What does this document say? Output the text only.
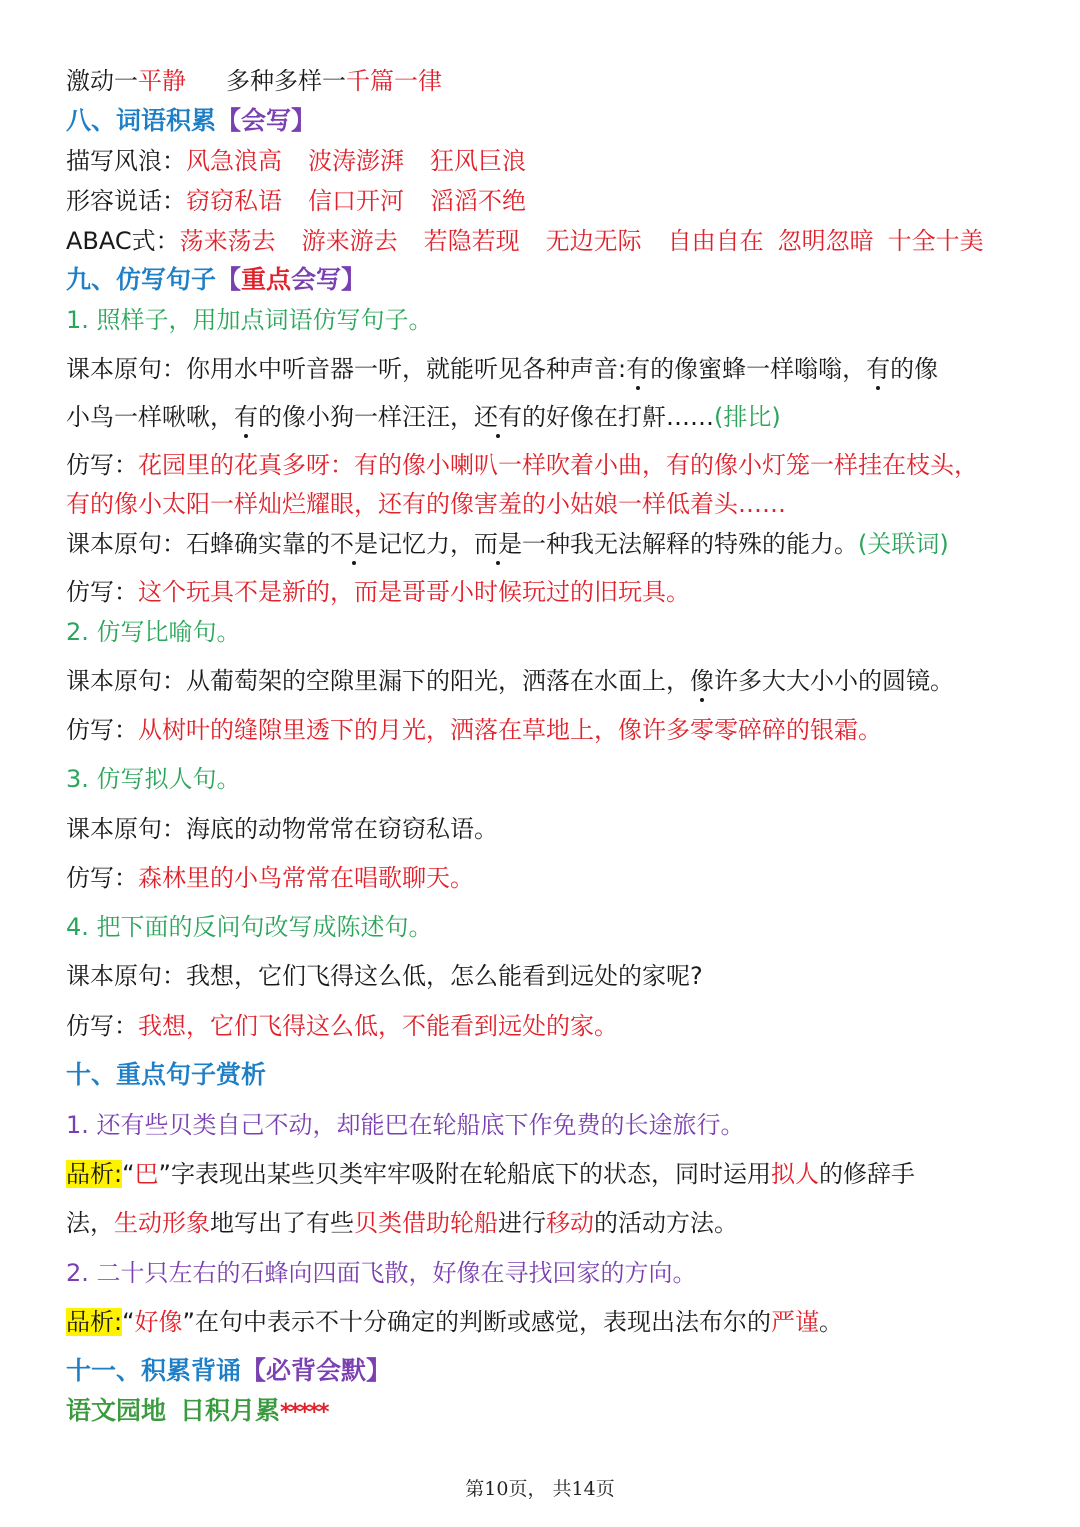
激动一平静 多种多样一千篇一律
八、词语积累【会写】
描写风浪：风急浪高 波涛澎湃 狂风巨浪
形容说话：窃窃私语 信口开河 滔滔不绝
ABAC式：荡来荡去 游来游去 若隐若现 无边无际 自由自在 忽明忽暗 十全十美
九、仿写句子【重点会写】
1. 照样子，用加点词语仿写句子。
课本原句：你用水中听音器一听，就能听见各种声音:有的像蜜蜂一样嗡嗡，有的像
小鸟一样啾啾，有的像小狗一样汪汪，还有的好像在打鼾……(排比)
仿写：花园里的花真多呀：有的像小喇叭一样吹着小曲，有的像小灯笼一样挂在枝头，
有的像小太阳一样灿烂耀眼，还有的像害羞的小姑娘一样低着头……
课本原句：石蜂确实靠的不是记忆力，而是一种我无法解释的特殊的能力。(关联词)
仿写：这个玩具不是新的，而是哥哥小时候玩过的旧玩具。
2. 仿写比喻句。
课本原句：从葡萄架的空隙里漏下的阳光，洒落在水面上，像许多大大小小的圆镜。
仿写：从树叶的缝隙里透下的月光，洒落在草地上，像许多零零碎碎的银霜。
3. 仿写拟人句。
课本原句：海底的动物常常在窃窃私语。
仿写：森林里的小鸟常常在唱歌聊天。
4. 把下面的反问句改写成陈述句。
课本原句：我想，它们飞得这么低，怎么能看到远处的家呢?
仿写：我想，它们飞得这么低，不能看到远处的家。
十、重点句子赏析
1. 还有些贝类自己不动，却能巴在轮船底下作免费的长途旅行。
品析:“巴”字表现出某些贝类牢牢吸附在轮船底下的状态，同时运用拟人的修辞手
法，生动形象地写出了有些贝类借助轮船进行移动的活动方法。
2. 二十只左右的石蜂向四面飞散，好像在寻找回家的方向。
品析:“好像”在句中表示不十分确定的判断或感觉，表现出法布尔的严谨。
十一、积累背诵【必背会默】
语文园地 日积月累*****
第10页， 共14页
